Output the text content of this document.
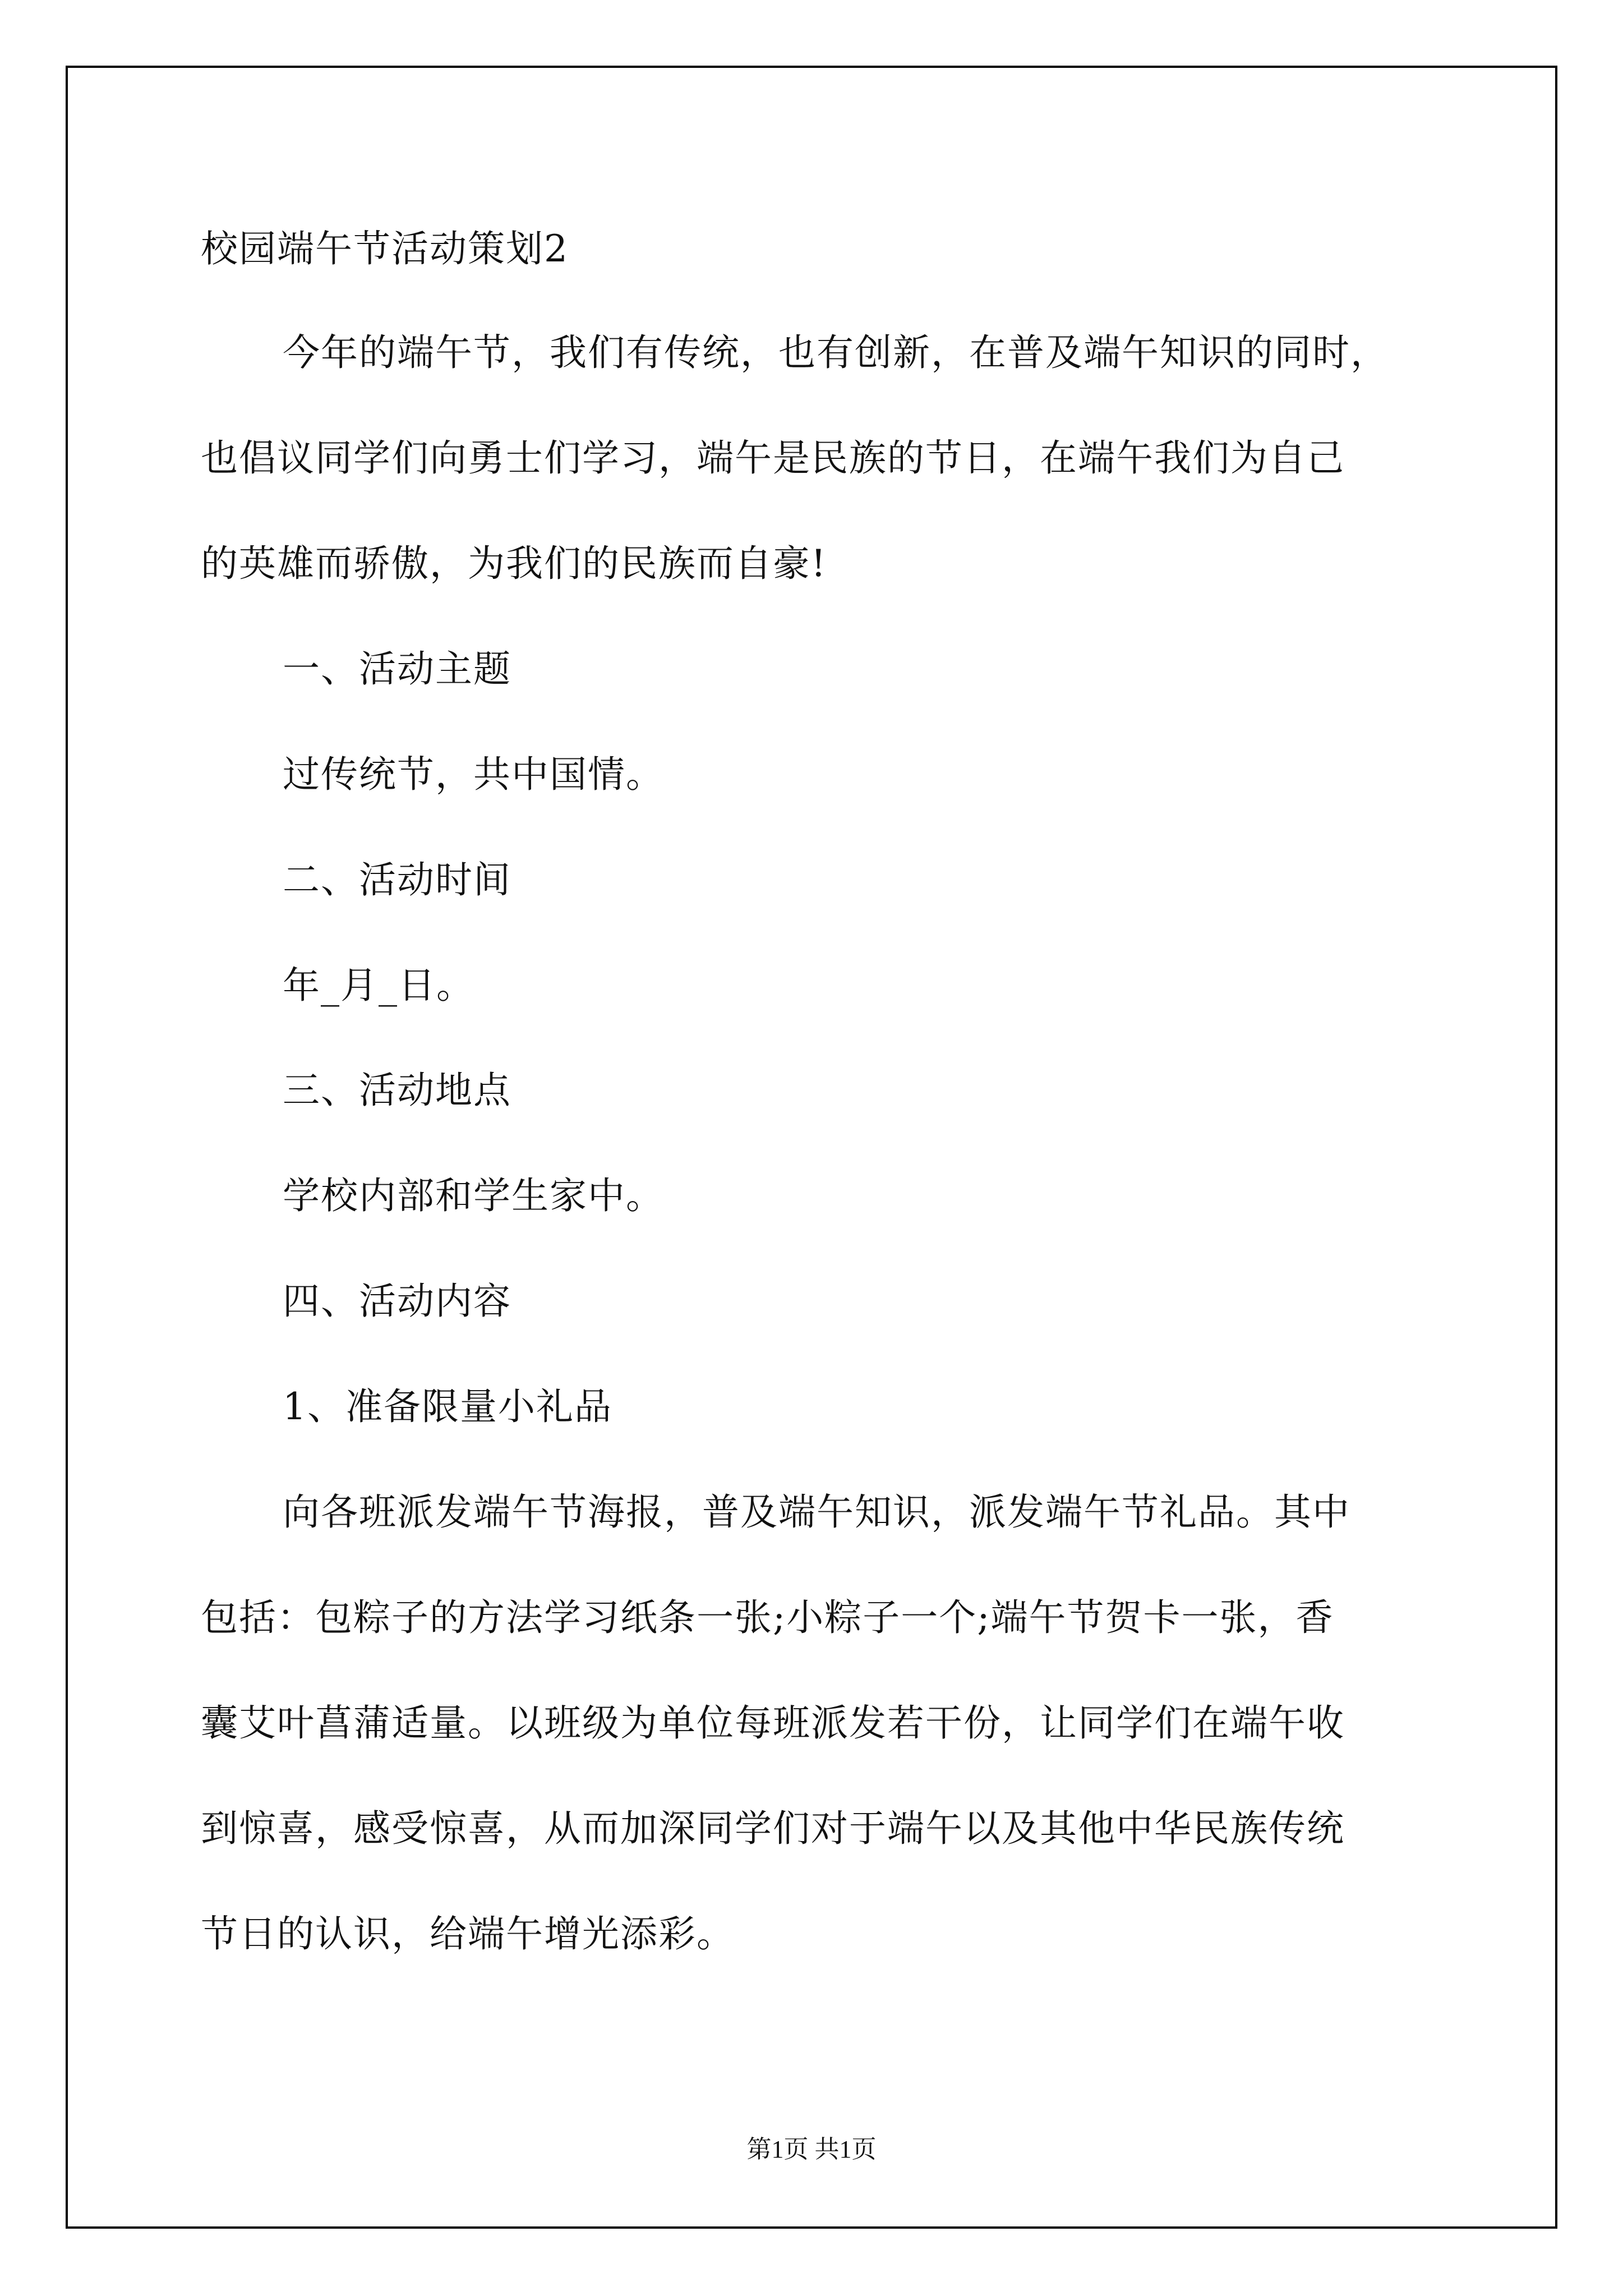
校园端午节活动策划2
今年的端午节，我们有传统，也有创新，在普及端午知识的同时，
也倡议同学们向勇士们学习，端午是民族的节日，在端午我们为自己
的英雄而骄傲，为我们的民族而自豪!
一、活动主题
过传统节，共中国情。
二、活动时间
年_月_日。
三、活动地点
学校内部和学生家中。
四、活动内容
1、准备限量小礼品
向各班派发端午节海报，普及端午知识，派发端午节礼品。其中
包括：包粽子的方法学习纸条一张;小粽子一个;端午节贺卡一张，香
囊艾叶菖蒲适量。以班级为单位每班派发若干份，让同学们在端午收
到惊喜，感受惊喜，从而加深同学们对于端午以及其他中华民族传统
节日的认识，给端午增光添彩。
第1页 共1页
